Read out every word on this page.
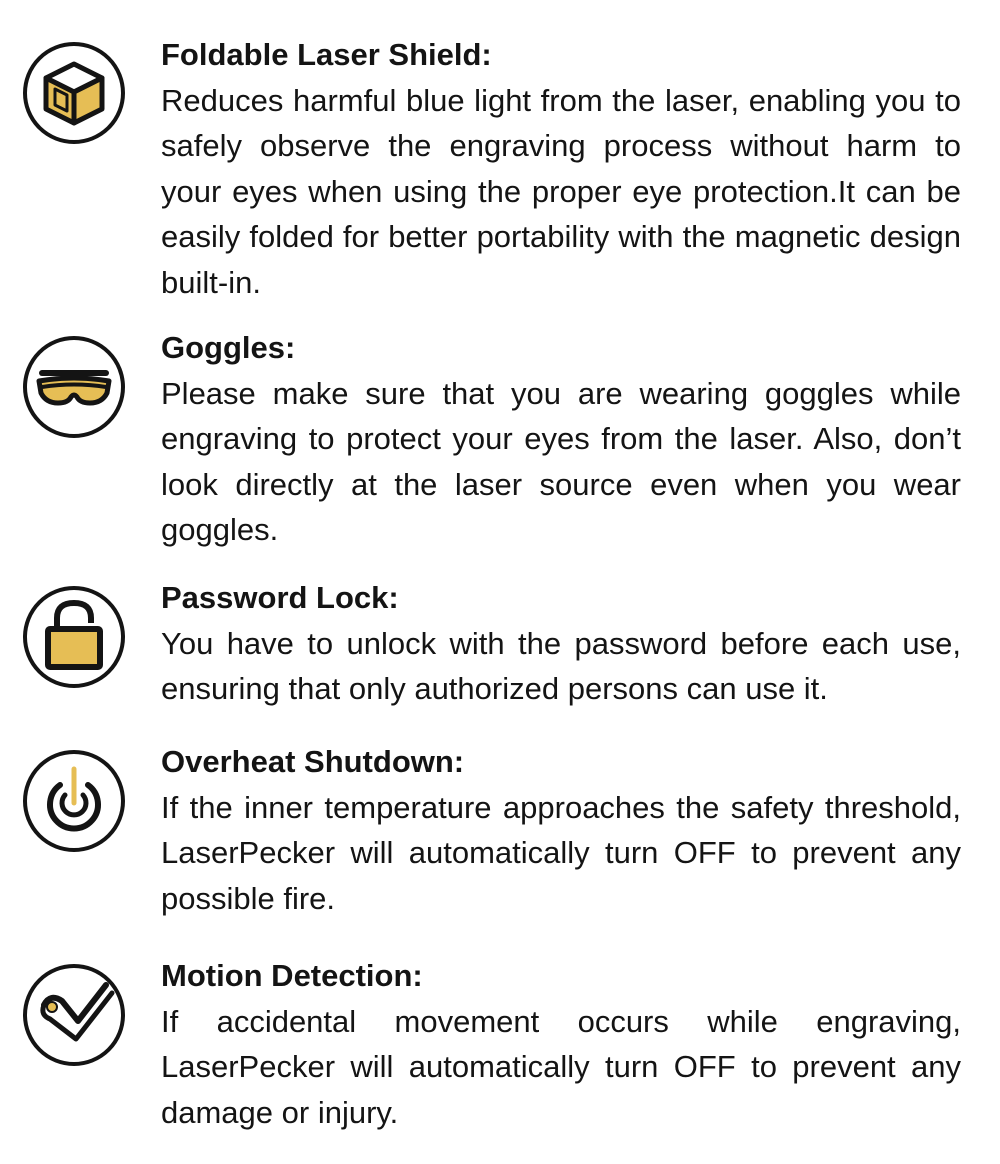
Foldable Laser Shield:
Reduces harmful blue light from the laser, enabling you to safely observe the engraving process without harm to your eyes when using the proper eye protection.It can be easily folded for better portability with the magnetic design built-in.
Goggles:
Please make sure that you are wearing goggles while engraving to protect your eyes from the laser. Also, don’t look directly at the laser source even when you wear goggles.
Password Lock:
You have to unlock with the password before each use, ensuring that only authorized persons can use it.
Overheat Shutdown:
If the inner temperature approaches the safety threshold, LaserPecker will automatically turn OFF to prevent any possible fire.
Motion Detection:
If accidental movement occurs while engraving, LaserPecker will automatically turn OFF to prevent any damage or injury.
